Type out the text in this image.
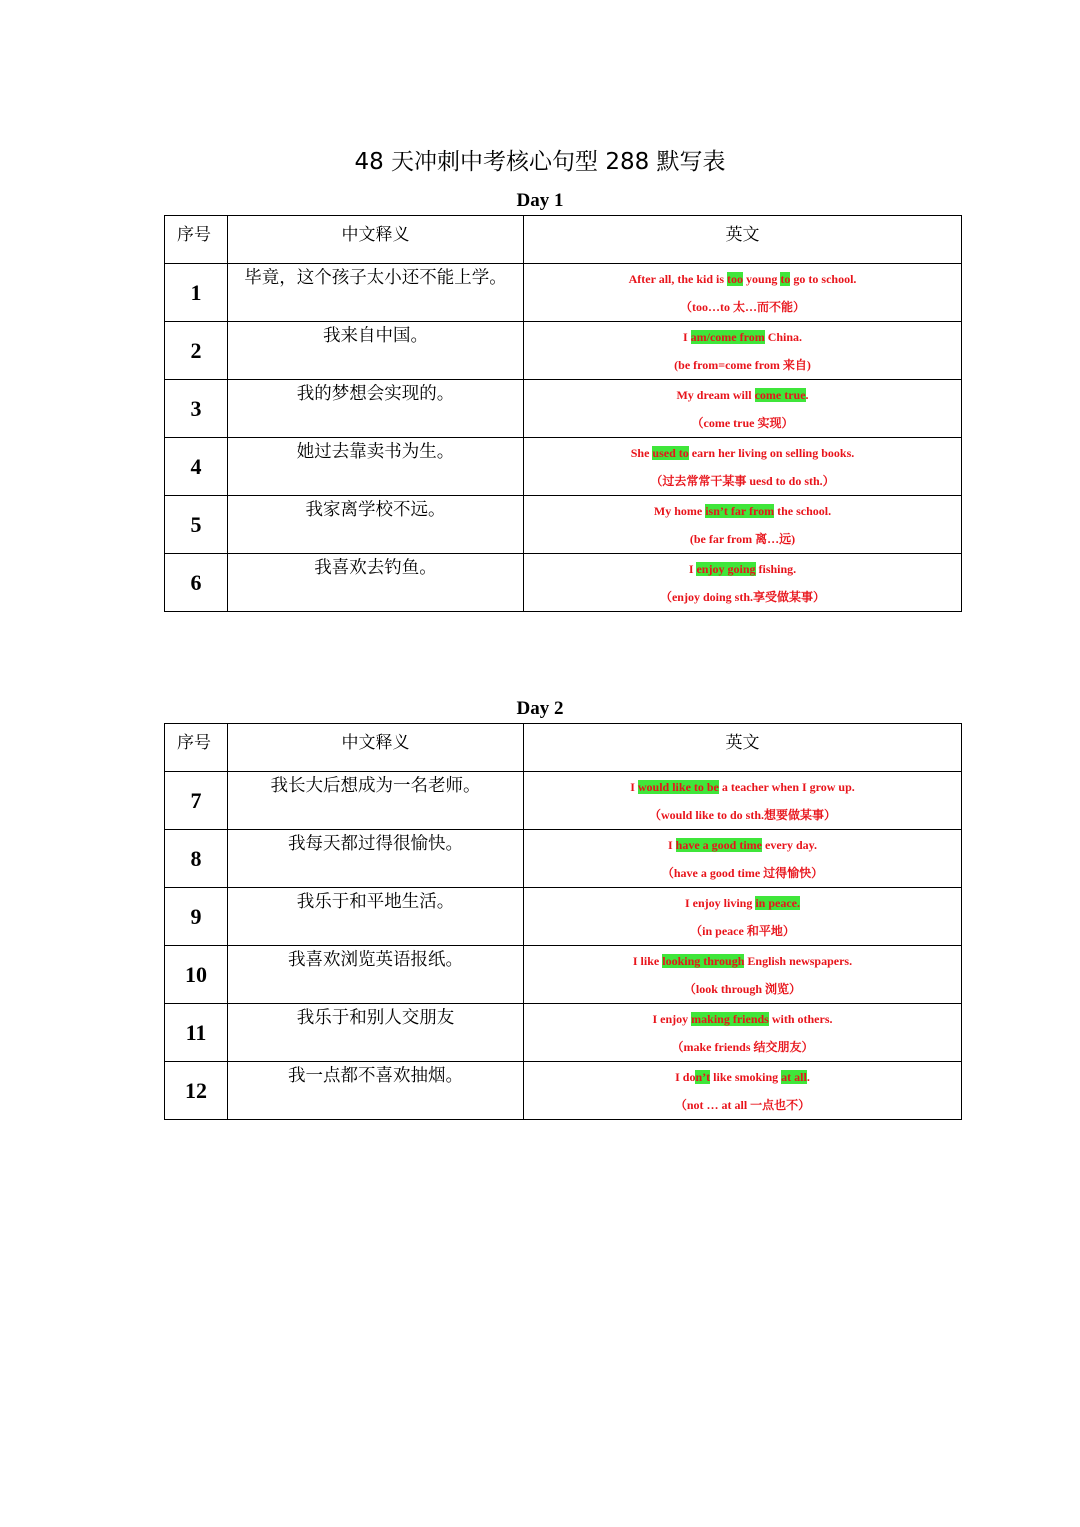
48 天冲刺中考核心句型 288 默写表
Day 1
序号	中文释义	英文
1	毕竟，这个孩子太小还不能上学。	After all, the kid is too young to go to school.
（too…to 太…而不能）

2	我来自中国。	I am/come from China.
(be from=come from 来自)

3	我的梦想会实现的。	My dream will come true.
（come true 实现）

4	她过去靠卖书为生。	She used to earn her living on selling books.
（过去常常干某事 uesd to do sth.）

5	我家离学校不远。	My home isn’t far from the school.
(be far from 离…远)

6	我喜欢去钓鱼。	I enjoy going fishing.
（enjoy doing sth.享受做某事）
Day 2
序号	中文释义	英文
7	我长大后想成为一名老师。	I would like to be a teacher when I grow up.
（would like to do sth.想要做某事）

8	我每天都过得很愉快。	I have a good time every day.
（have a good time 过得愉快）

9	我乐于和平地生活。	I enjoy living in peace.
（in peace 和平地）

10	我喜欢浏览英语报纸。	I like looking through English newspapers.
（look through 浏览）

11	我乐于和别人交朋友	I enjoy making friends with others.
（make friends 结交朋友）

12	我一点都不喜欢抽烟。	I don’t like smoking at all.
（not … at all 一点也不）
